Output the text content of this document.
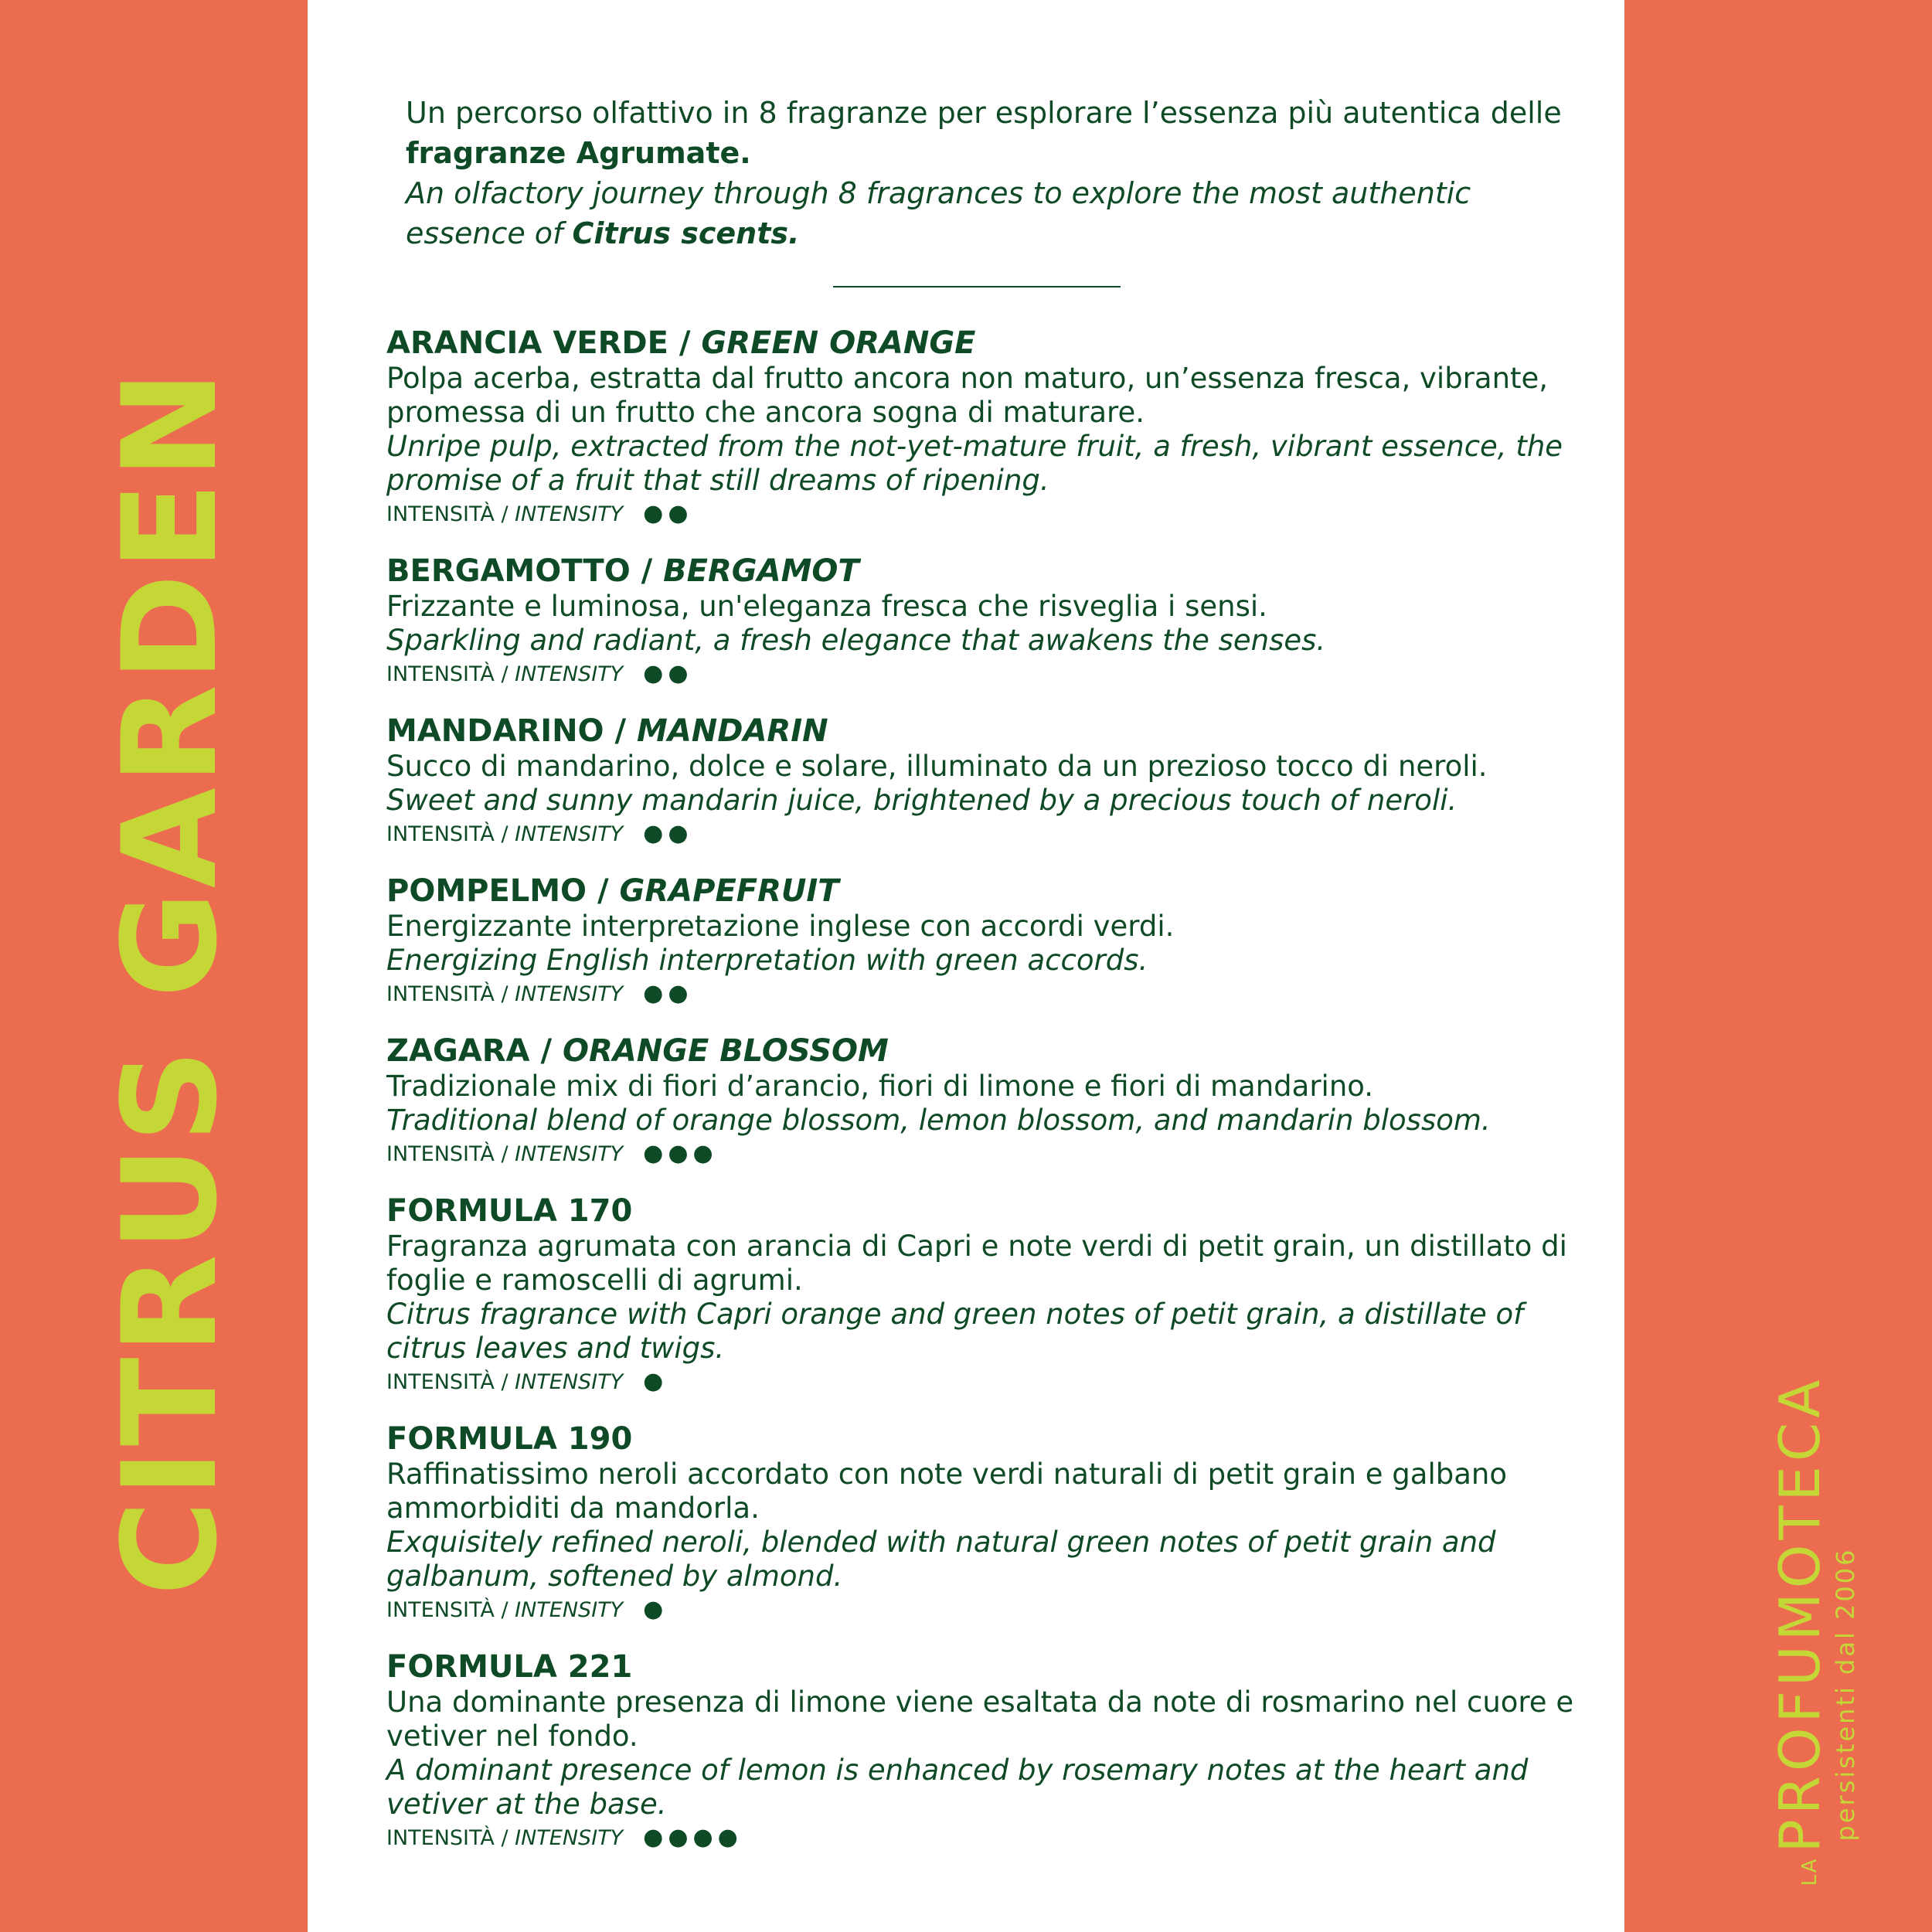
CITRUS GARDEN
LA
PROFUMOTECA
persistenti dal 2006
Un percorso olfattivo in 8 fragranze per esplorare l’essenza più autentica delle fragranze Agrumate.
An olfactory journey through 8 fragrances to explore the most authentic essence of Citrus scents.
ARANCIA VERDE / GREEN ORANGE
Polpa acerba, estratta dal frutto ancora non maturo, un’essenza fresca, vibrante, promessa di un frutto che ancora sogna di maturare.
Unripe pulp, extracted from the not-yet-mature fruit, a fresh, vibrant essence, the promise of a fruit that still dreams of ripening.
INTENSITÀ / INTENSITY ●●
BERGAMOTTO / BERGAMOT
Frizzante e luminosa, un'eleganza fresca che risveglia i sensi.
Sparkling and radiant, a fresh elegance that awakens the senses.
INTENSITÀ / INTENSITY ●●
MANDARINO / MANDARIN
Succo di mandarino, dolce e solare, illuminato da un prezioso tocco di neroli.
Sweet and sunny mandarin juice, brightened by a precious touch of neroli.
INTENSITÀ / INTENSITY ●●
POMPELMO / GRAPEFRUIT
Energizzante interpretazione inglese con accordi verdi.
Energizing English interpretation with green accords.
INTENSITÀ / INTENSITY ●●
ZAGARA / ORANGE BLOSSOM
Tradizionale mix di fiori d’arancio, fiori di limone e fiori di mandarino.
Traditional blend of orange blossom, lemon blossom, and mandarin blossom.
INTENSITÀ / INTENSITY ●●●
FORMULA 170
Fragranza agrumata con arancia di Capri e note verdi di petit grain, un distillato di foglie e ramoscelli di agrumi.
Citrus fragrance with Capri orange and green notes of petit grain, a distillate of citrus leaves and twigs.
INTENSITÀ / INTENSITY ●
FORMULA 190
Raffinatissimo neroli accordato con note verdi naturali di petit grain e galbano ammorbiditi da mandorla.
Exquisitely refined neroli, blended with natural green notes of petit grain and galbanum, softened by almond.
INTENSITÀ / INTENSITY ●
FORMULA 221
Una dominante presenza di limone viene esaltata da note di rosmarino nel cuore e vetiver nel fondo.
A dominant presence of lemon is enhanced by rosemary notes at the heart and vetiver at the base.
INTENSITÀ / INTENSITY ●●●●
